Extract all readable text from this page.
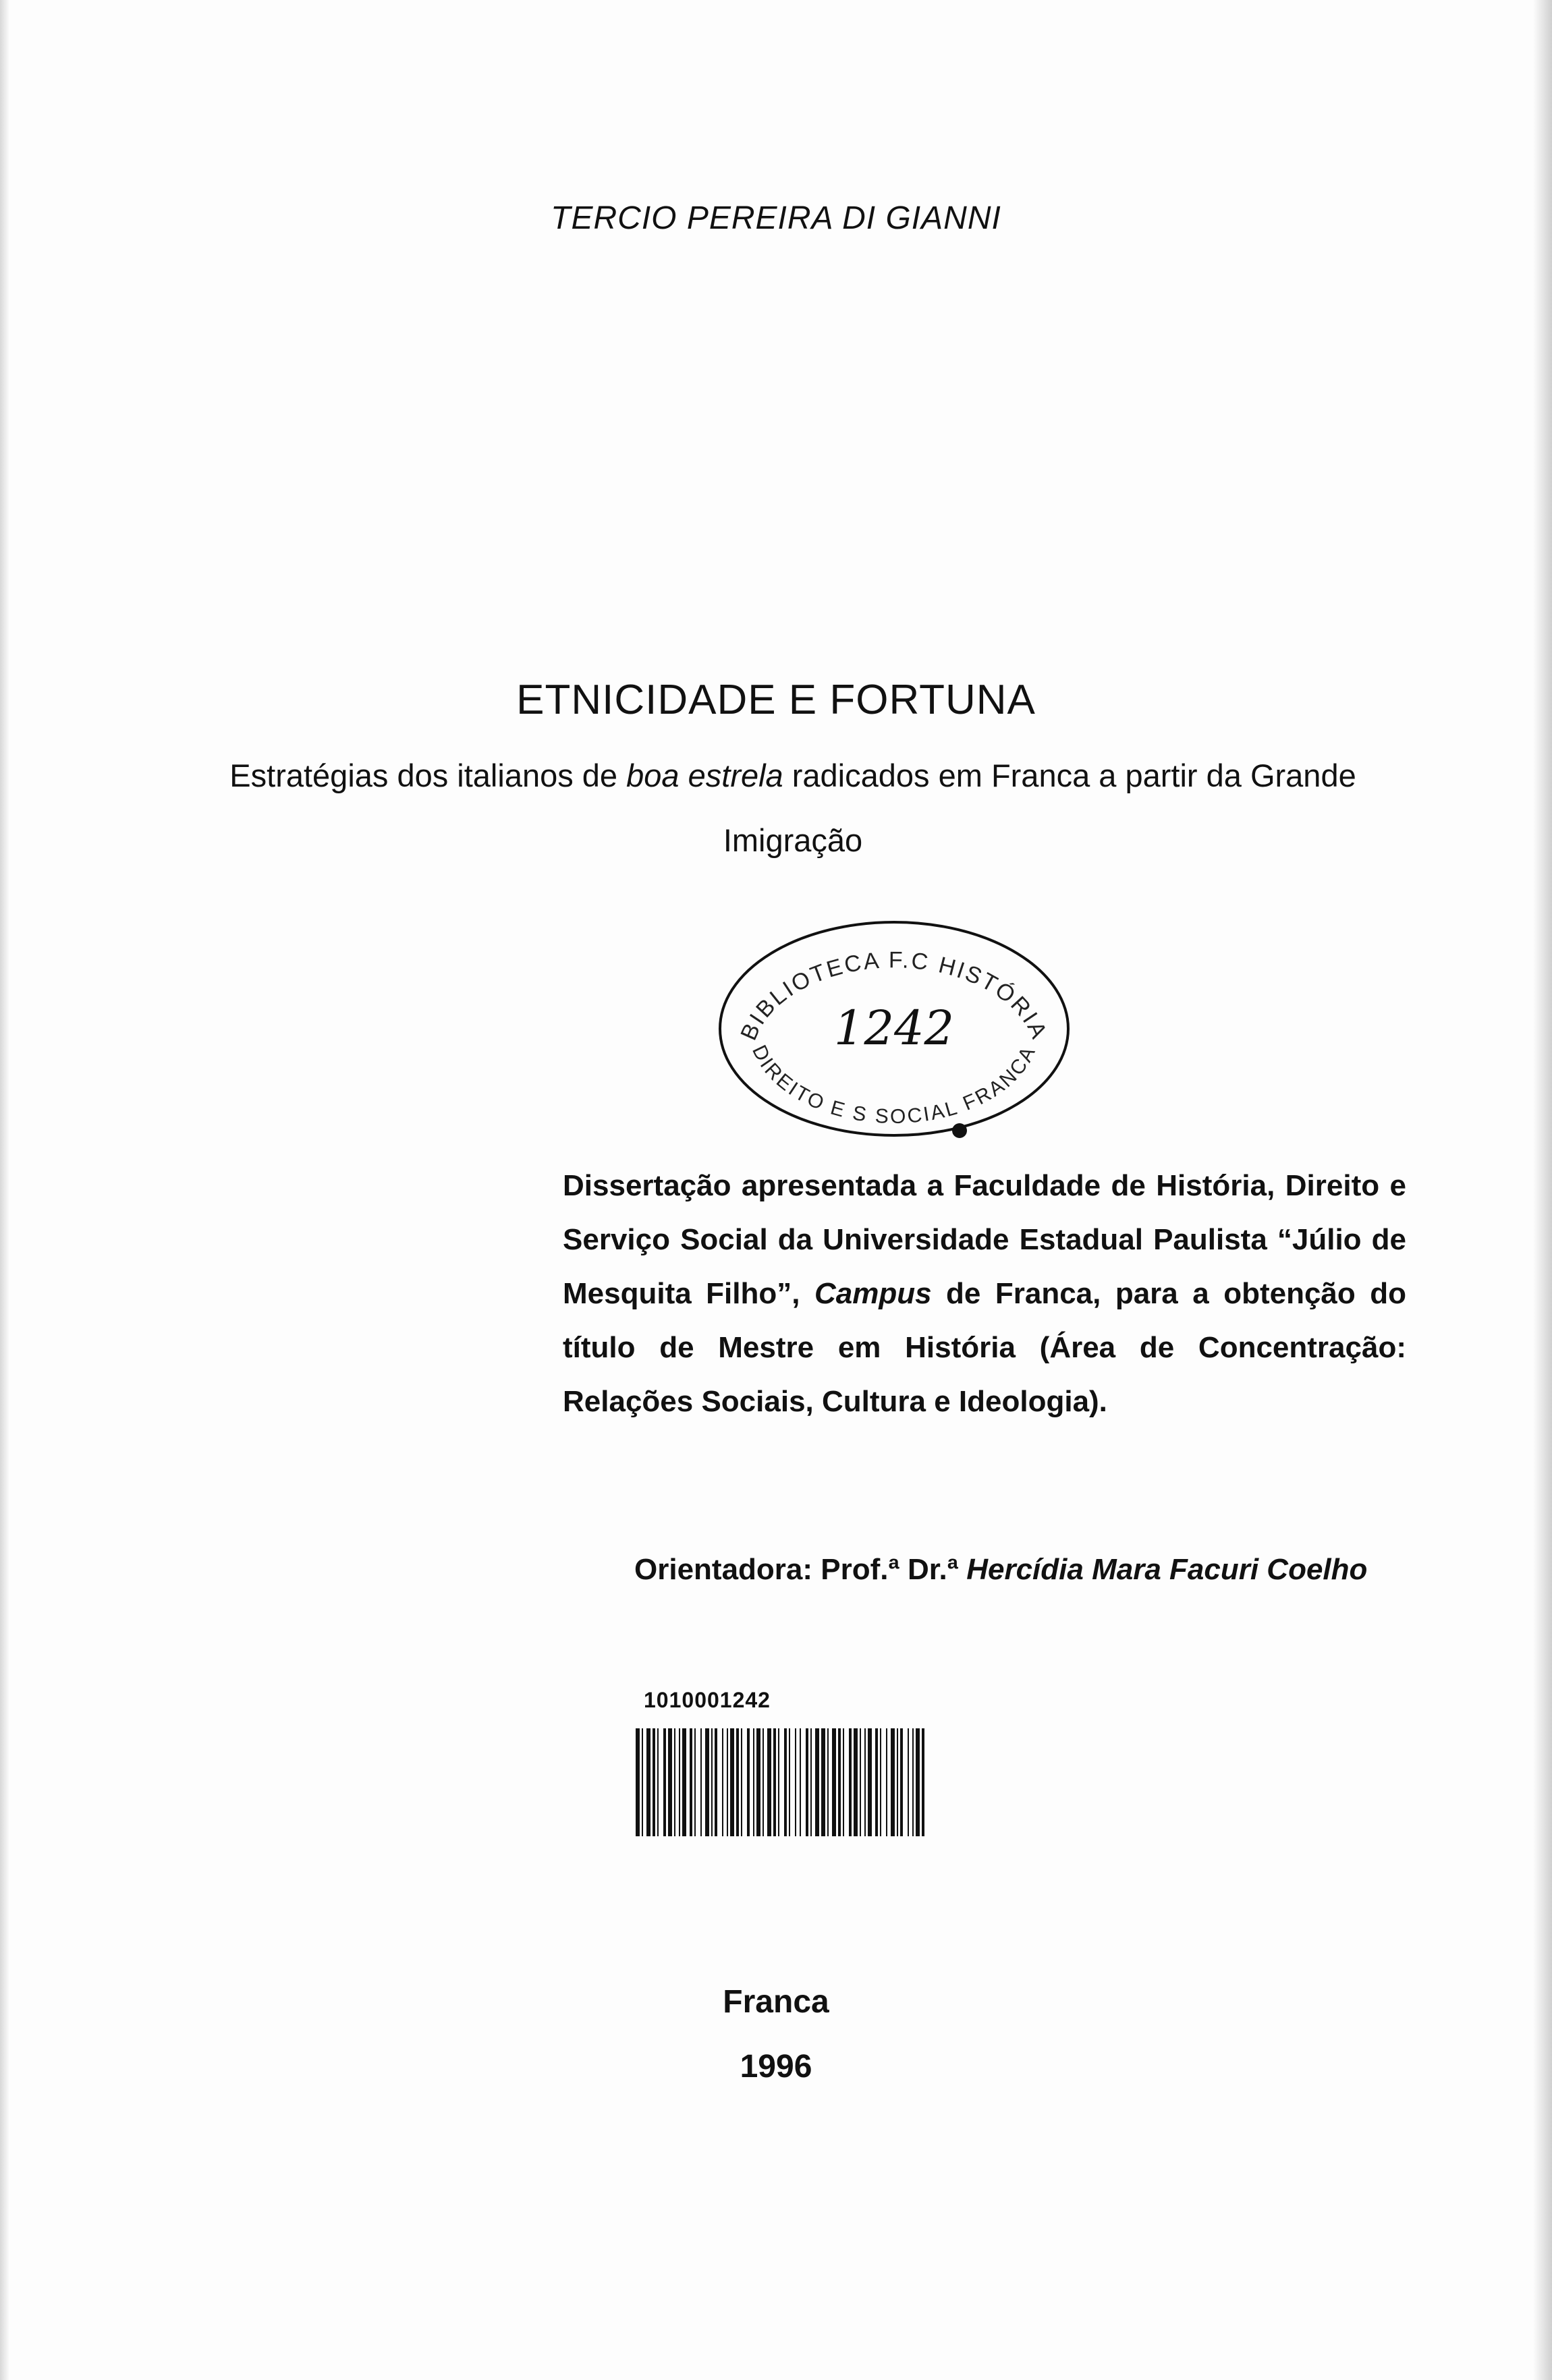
TERCIO PEREIRA DI GIANNI
ETNICIDADE E FORTUNA
Estratégias dos italianos de boa estrela radicados em Franca a partir da Grande Imigração
BIBLIOTECA F.C HISTÓRIA
DIREITO E S SOCIAL FRANCA
1242
Dissertação apresentada a Faculdade de História, Direito e Serviço Social da Universidade Estadual Paulista “Júlio de Mesquita Filho”, Campus de Franca, para a obtenção do título de Mestre em História (Área de Concentração: Relações Sociais, Cultura e Ideologia).
Orientadora: Prof.ª Dr.ª Hercídia Mara Facuri Coelho
1010001242
Franca
1996
